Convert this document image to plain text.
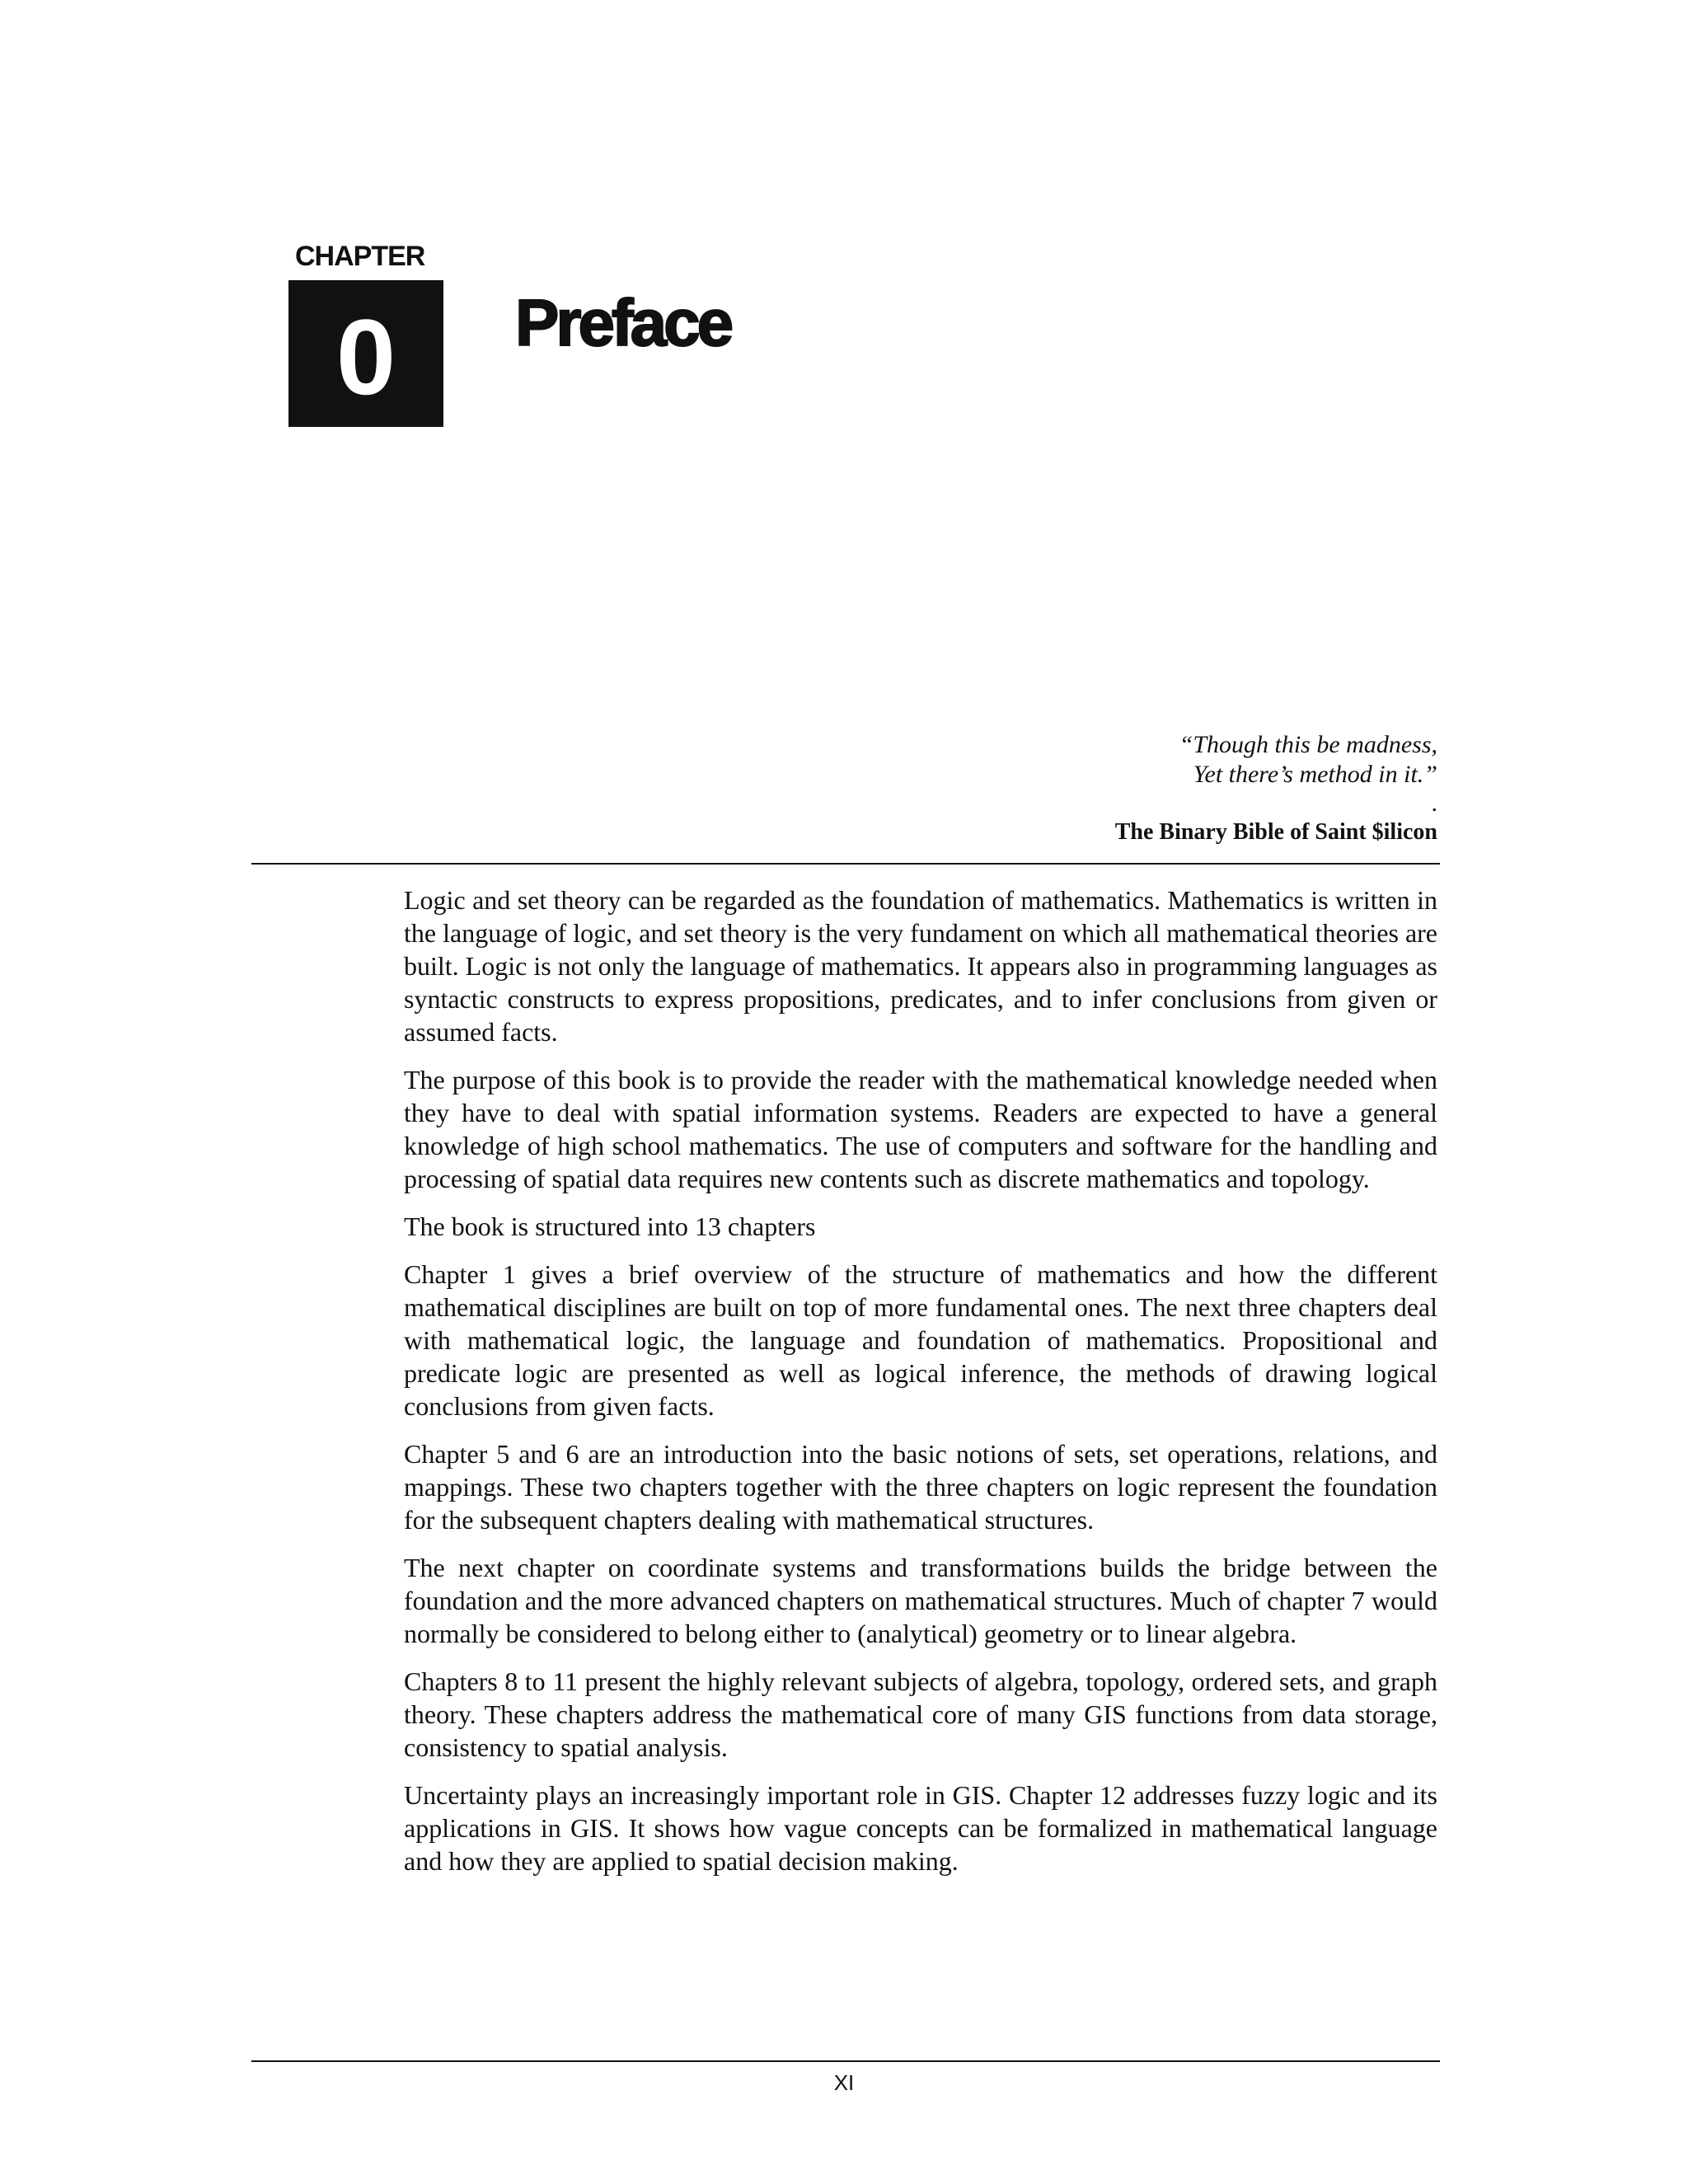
CHAPTER
0 Preface
“Though this be madness,
Yet there’s method in it.”
.
The Binary Bible of Saint $ilicon

Logic and set theory can be regarded as the foundation of mathematics. Mathematics is written in the language of logic, and set theory is the very fundament on which all mathematical theories are built. Logic is not only the language of mathematics. It appears also in programming languages as syntactic constructs to express propositions, predicates, and to infer conclusions from given or assumed facts.

The purpose of this book is to provide the reader with the mathematical knowledge needed when they have to deal with spatial information systems. Readers are expected to have a general knowledge of high school mathematics. The use of computers and software for the handling and processing of spatial data requires new contents such as discrete mathematics and topology.

The book is structured into 13 chapters

Chapter 1 gives a brief overview of the structure of mathematics and how the different mathematical disciplines are built on top of more fundamental ones. The next three chapters deal with mathematical logic, the language and foundation of mathematics. Propositional and predicate logic are presented as well as logical inference, the methods of drawing logical conclusions from given facts.

Chapter 5 and 6 are an introduction into the basic notions of sets, set operations, relations, and mappings. These two chapters together with the three chapters on logic represent the foundation for the subsequent chapters dealing with mathematical structures.

The next chapter on coordinate systems and transformations builds the bridge between the foundation and the more advanced chapters on mathematical structures. Much of chapter 7 would normally be considered to belong either to (analytical) geometry or to linear algebra.

Chapters 8 to 11 present the highly relevant subjects of algebra, topology, ordered sets, and graph theory. These chapters address the mathematical core of many GIS functions from data storage, consistency to spatial analysis.

Uncertainty plays an increasingly important role in GIS. Chapter 12 addresses fuzzy logic and its applications in GIS. It shows how vague concepts can be formalized in mathematical language and how they are applied to spatial decision making.

XI
